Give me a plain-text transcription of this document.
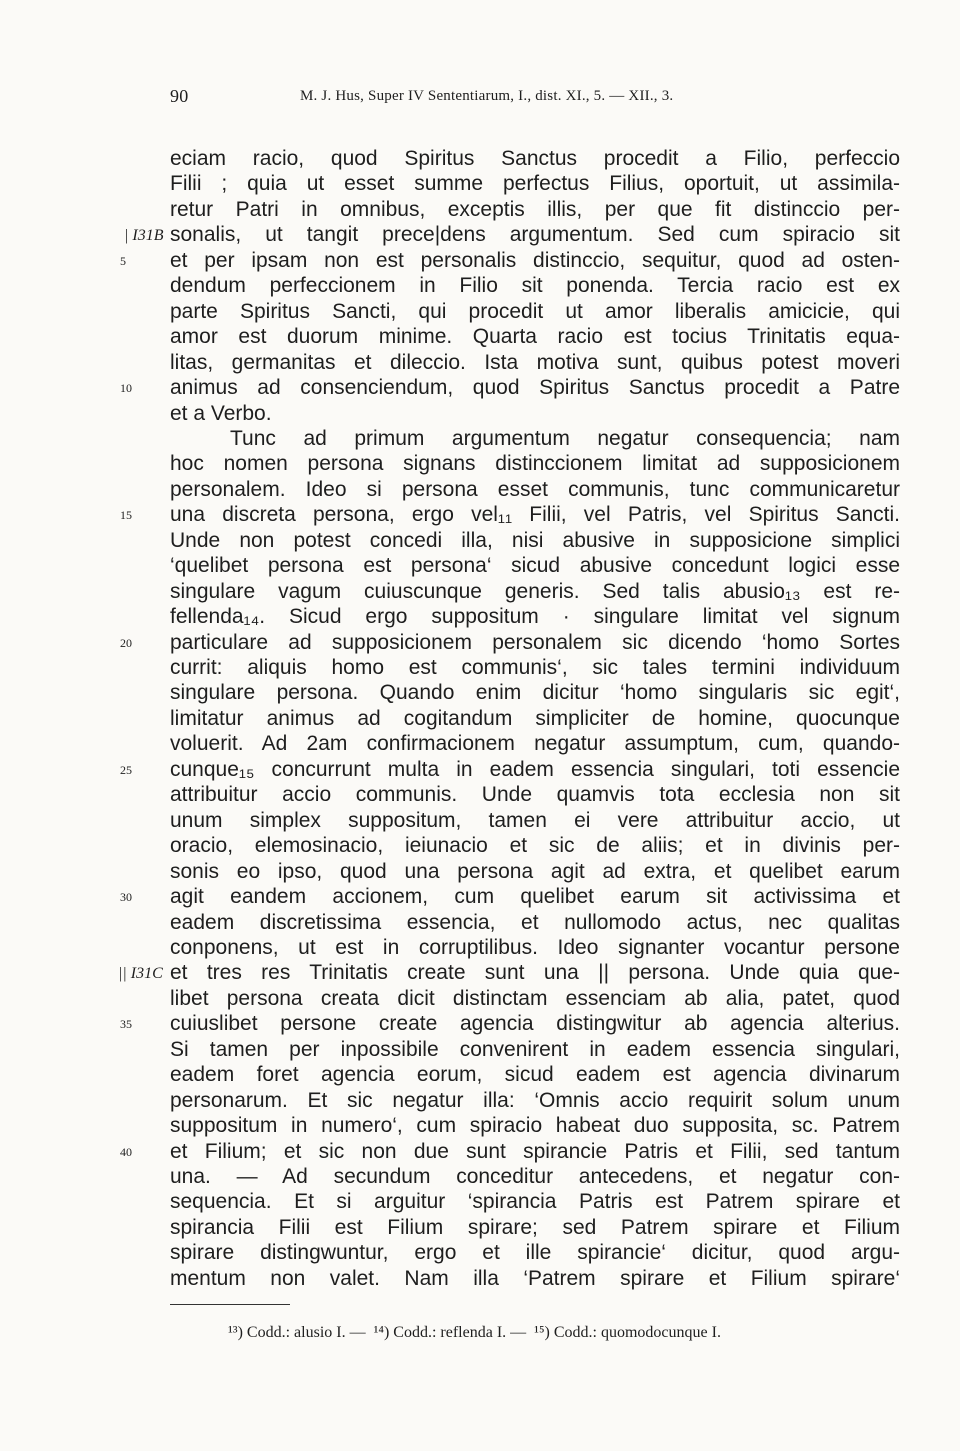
90	M. J. Hus, Super IV Sententiarum, I., dist. XI., 5. — XII., 3.
eciam racio, quod Spiritus Sanctus procedit a Filio, perfeccio
Filii ; quia ut esset summe perfectus Filius, oportuit, ut assimila-
retur Patri in omnibus, exceptis illis, per que fit distinccio per-
sonalis, ut tangit prece|dens argumentum. Sed cum spiracio sit
| I31B
et per ipsam non est personalis distinccio, sequitur, quod ad osten-
5
dendum perfeccionem in Filio sit ponenda. Tercia racio est ex
parte Spiritus Sancti, qui procedit ut amor liberalis amicicie, qui
amor est duorum minime. Quarta racio est tocius Trinitatis equa-
litas, germanitas et dileccio. Ista motiva sunt, quibus potest moveri
animus ad consenciendum, quod Spiritus Sanctus procedit a Patre
10
et a Verbo.
Tunc ad primum argumentum negatur consequencia; nam
hoc nomen persona signans distinccionem limitat ad supposicionem
personalem. Ideo si persona esset communis, tunc communicaretur
una discreta persona, ergo vel₁₁ Filii, vel Patris, vel Spiritus Sancti.
15
Unde non potest concedi illa, nisi abusive in supposicione simplici
‘quelibet persona est persona‘ sicud abusive concedunt logici esse
singulare vagum cuiuscunque generis. Sed talis abusio₁₃ est re-
fellenda₁₄. Sicud ergo suppositum · singulare limitat vel signum
particulare ad supposicionem personalem sic dicendo ‘homo Sortes
20
currit: aliquis homo est communis‘, sic tales termini individuum
singulare persona. Quando enim dicitur ‘homo singularis sic egit‘,
limitatur animus ad cogitandum simpliciter de homine, quocunque
voluerit. Ad 2am confirmacionem negatur assumptum, cum, quando-
cunque₁₅ concurrunt multa in eadem essencia singulari, toti essencie
25
attribuitur accio communis. Unde quamvis tota ecclesia non sit
unum simplex suppositum, tamen ei vere attribuitur accio, ut
oracio, elemosinacio, ieiunacio et sic de aliis; et in divinis per-
sonis eo ipso, quod una persona agit ad extra, et quelibet earum
agit eandem accionem, cum quelibet earum sit activissima et
30
eadem discretissima essencia, et nullomodo actus, nec qualitas
conponens, ut est in corruptilibus. Ideo signanter vocantur persone
et tres res Trinitatis create sunt una || persona. Unde quia que-
|| I31C
libet persona creata dicit distinctam essenciam ab alia, patet, quod
cuiuslibet persone create agencia distingwitur ab agencia alterius.
35
Si tamen per inpossibile convenirent in eadem essencia singulari,
eadem foret agencia eorum, sicud eadem est agencia divinarum
personarum. Et sic negatur illa: ‘Omnis accio requirit solum unum
suppositum in numero‘, cum spiracio habeat duo supposita, sc. Patrem
et Filium; et sic non due sunt spirancie Patris et Filii, sed tantum
40
una. — Ad secundum conceditur antecedens, et negatur con-
sequencia. Et si arguitur ‘spirancia Patris est Patrem spirare et
spirancia Filii est Filium spirare; sed Patrem spirare et Filium
spirare distingwuntur, ergo et ille spirancie‘ dicitur, quod argu-
mentum non valet. Nam illa ‘Patrem spirare et Filium spirare‘
¹³) Codd.: alusio I. — ¹⁴) Codd.: reflenda I. — ¹⁵) Codd.: quomodocunque I.
